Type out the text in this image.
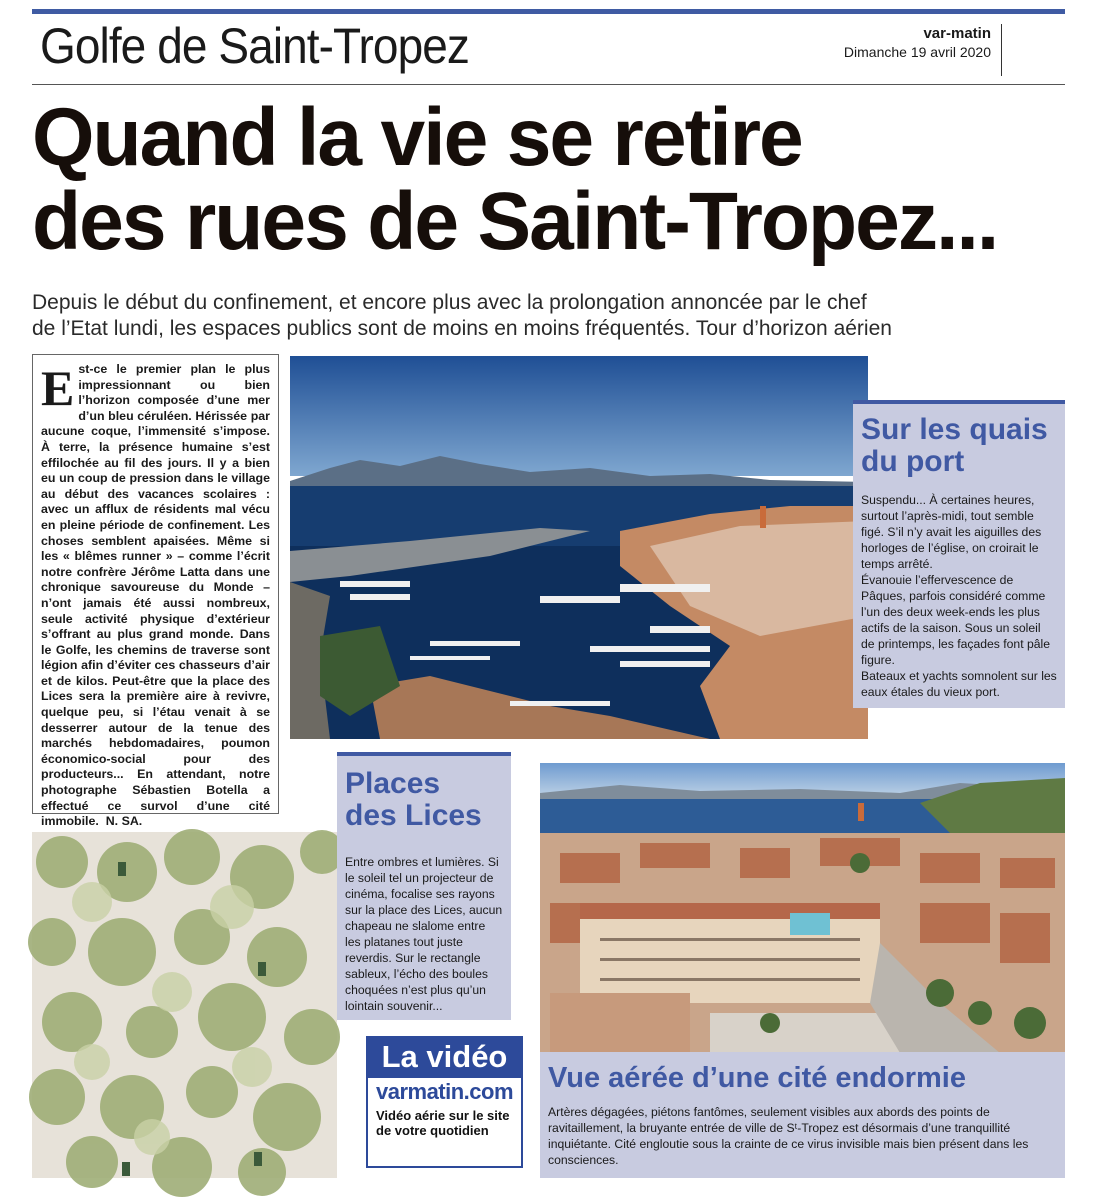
Golfe de Saint-Tropez	var-matin
Dimanche 19 avril 2020
Quand la vie se retire
des rues de Saint-Tropez...
Depuis le début du confinement, et encore plus avec la prolongation annoncée par le chef
de l’Etat lundi, les espaces publics sont de moins en moins fréquentés. Tour d’horizon aérien
Est-ce le premier plan le plus impressionnant ou bien l’horizon composée d’une mer d’un bleu céruléen. Hérissée par aucune coque, l’immensité s’impose. À terre, la présence humaine s’est effilochée au fil des jours. Il y a bien eu un coup de pression dans le village au début des vacances scolaires : avec un afflux de résidents mal vécu en pleine période de confinement. Les choses semblent apaisées. Même si les « blêmes runner » – comme l’écrit notre confrère Jérôme Latta dans une chronique savoureuse du Monde – n’ont jamais été aussi nombreux, seule activité physique d’extérieur s’offrant au plus grand monde. Dans le Golfe, les chemins de traverse sont légion afin d’éviter ces chasseurs d’air et de kilos. Peut-être que la place des Lices sera la première aire à revivre, quelque peu, si l’étau venait à se desserrer autour de la tenue des marchés hebdomadaires, poumon économico-social pour des producteurs... En attendant, notre photographe Sébastien Botella a effectué ce survol d’une cité immobile. N. SA.
Sur les quais
du port

Suspendu... À certaines heures, surtout l’après-midi, tout semble figé. S’il n’y avait les aiguilles des horloges de l’église, on croirait le temps arrêté.

Évanouie l’effervescence de Pâques, parfois considéré comme l’un des deux week-ends les plus actifs de la saison. Sous un soleil de printemps, les façades font pâle figure.

Bateaux et yachts somnolent sur les eaux étales du vieux port.

Places
des Lices

Entre ombres et lumières. Si le soleil tel un projecteur de cinéma, focalise ses rayons sur la place des Lices, aucun chapeau ne slalome entre les platanes tout juste reverdis. Sur le rectangle sableux, l’écho des boules choquées n’est plus qu’un lointain souvenir...

Vue aérée d’une cité endormie

Artères dégagées, piétons fantômes, seulement visibles aux abords des points de ravitaillement, la bruyante entrée de ville de Sᵗ-Tropez est désormais d’une tranquillité inquiétante. Cité engloutie sous la crainte de ce virus invisible mais bien présent dans les consciences.

La vidéo
varmatin.com
Vidéo aérie sur le site de votre quotidien
